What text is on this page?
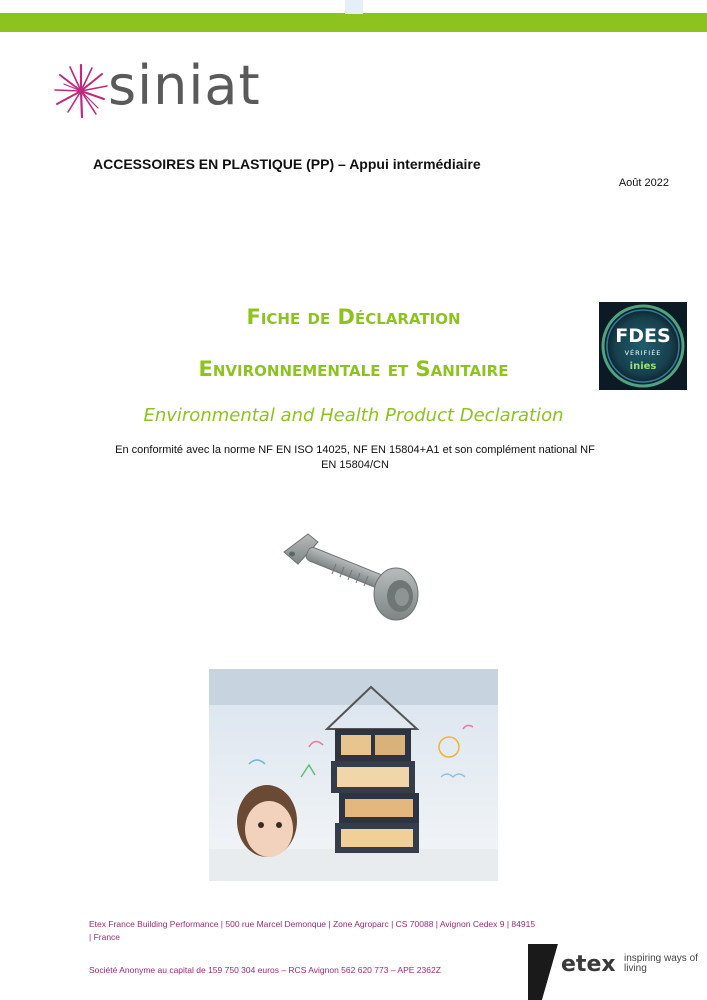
siniat
ACCESSOIRES EN PLASTIQUE (PP) – Appui intermédiaire
Août 2022
FDES
VÉRIFIÉE
inies
Fiche de Déclaration
Environnementale et Sanitaire
Environmental and Health Product Declaration
En conformité avec la norme NF EN ISO 14025, NF EN 15804+A1 et son complément national NF EN 15804/CN
Etex France Building Performance | 500 rue Marcel Demonque | Zone Agroparc | CS 70088 | Avignon Cedex 9 | 84915 | France
Société Anonyme au capital de 159 750 304 euros – RCS Avignon 562 620 773 – APE 2362Z	etex inspiring ways of living
